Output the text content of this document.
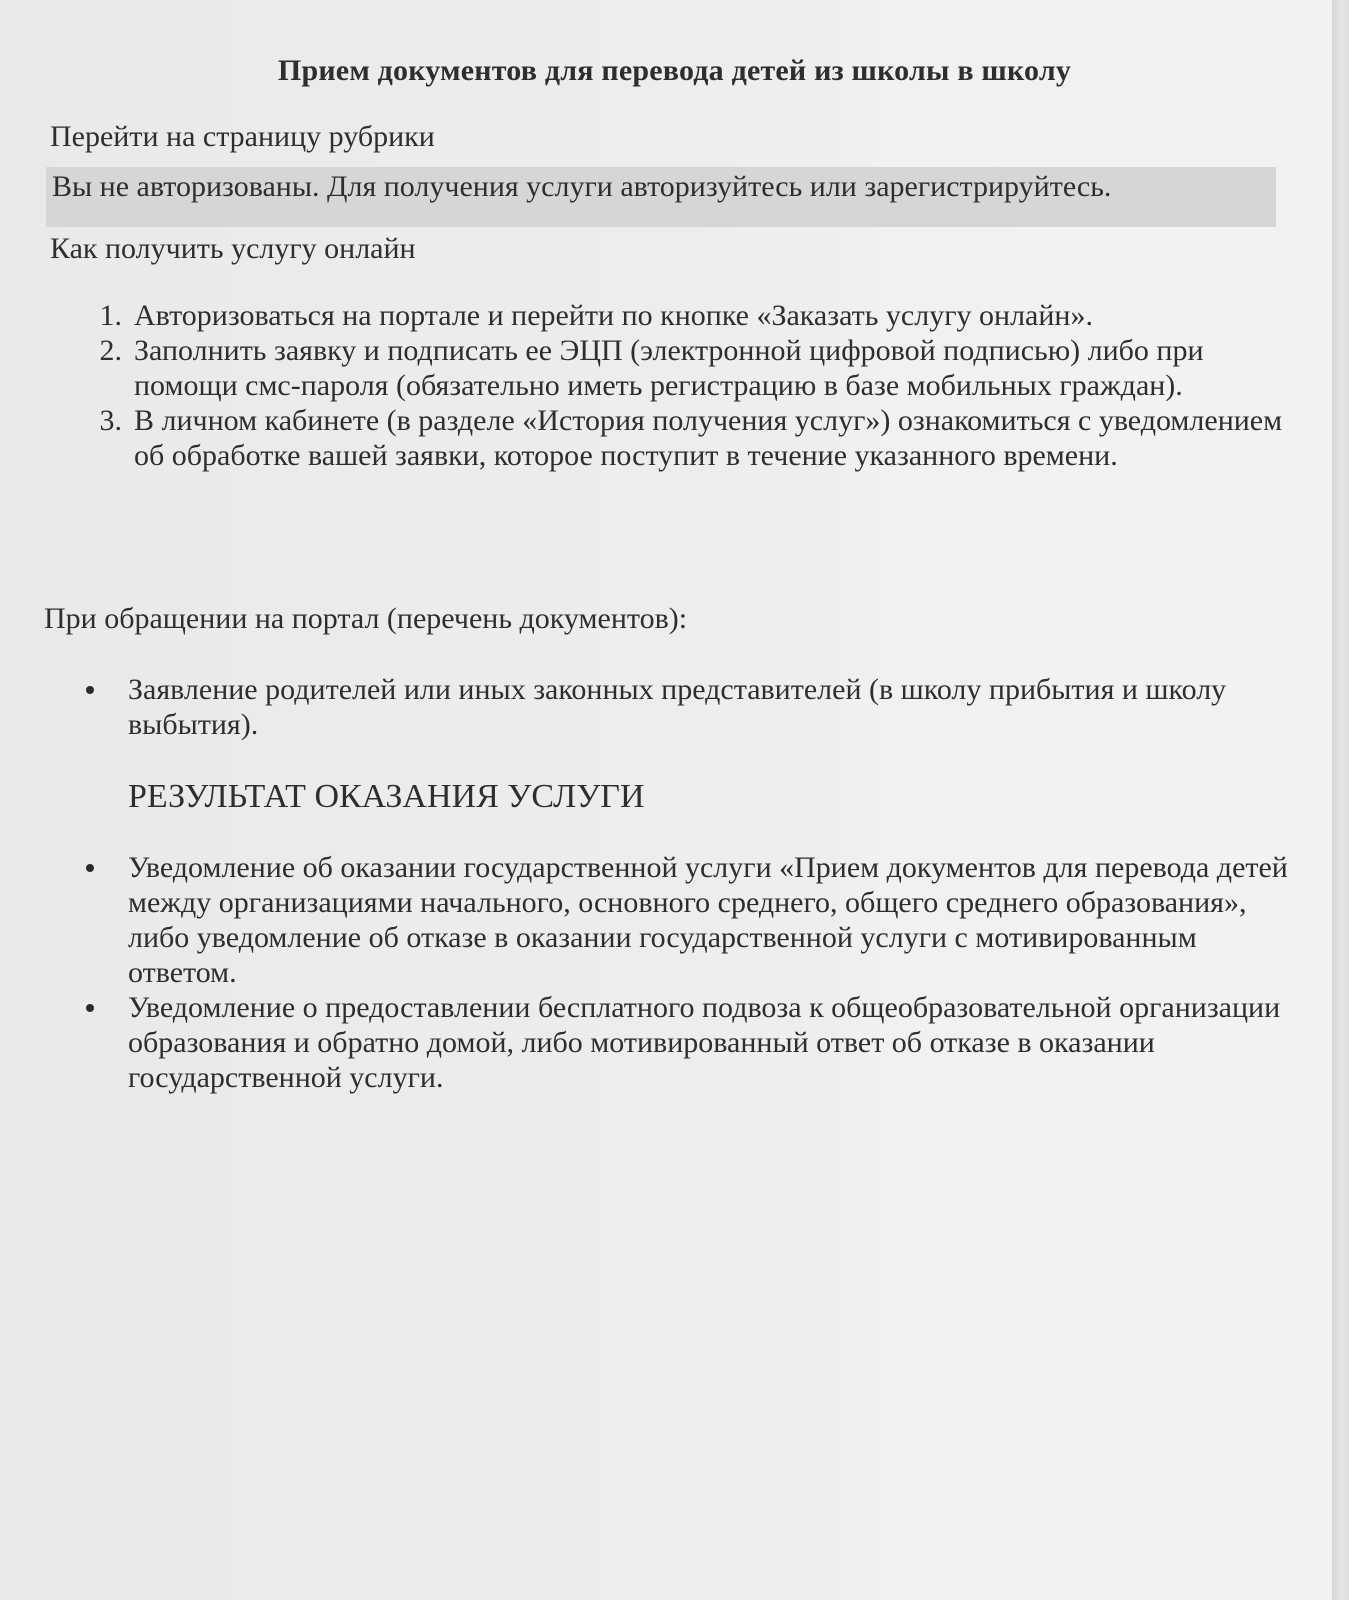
Прием документов для перевода детей из школы в школу

Перейти на страницу рубрики

Вы не авторизованы. Для получения услуги авторизуйтесь или зарегистрируйтесь.

Как получить услугу онлайн

1. Авторизоваться на портале и перейти по кнопке «Заказать услугу онлайн».
2. Заполнить заявку и подписать ее ЭЦП (электронной цифровой подписью) либо при помощи смс-пароля (обязательно иметь регистрацию в базе мобильных граждан).
3. В личном кабинете (в разделе «История получения услуг») ознакомиться с уведомлением об обработке вашей заявки, которое поступит в течение указанного времени.

При обращении на портал (перечень документов):

Заявление родителей или иных законных представителей (в школу прибытия и школу выбытия).

РЕЗУЛЬТАТ ОКАЗАНИЯ УСЛУГИ

Уведомление об оказании государственной услуги «Прием документов для перевода детей между организациями начального, основного среднего, общего среднего образования», либо уведомление об отказе в оказании государственной услуги с мотивированным ответом.
Уведомление о предоставлении бесплатного подвоза к общеобразовательной организации образования и обратно домой, либо мотивированный ответ об отказе в оказании государственной услуги.
